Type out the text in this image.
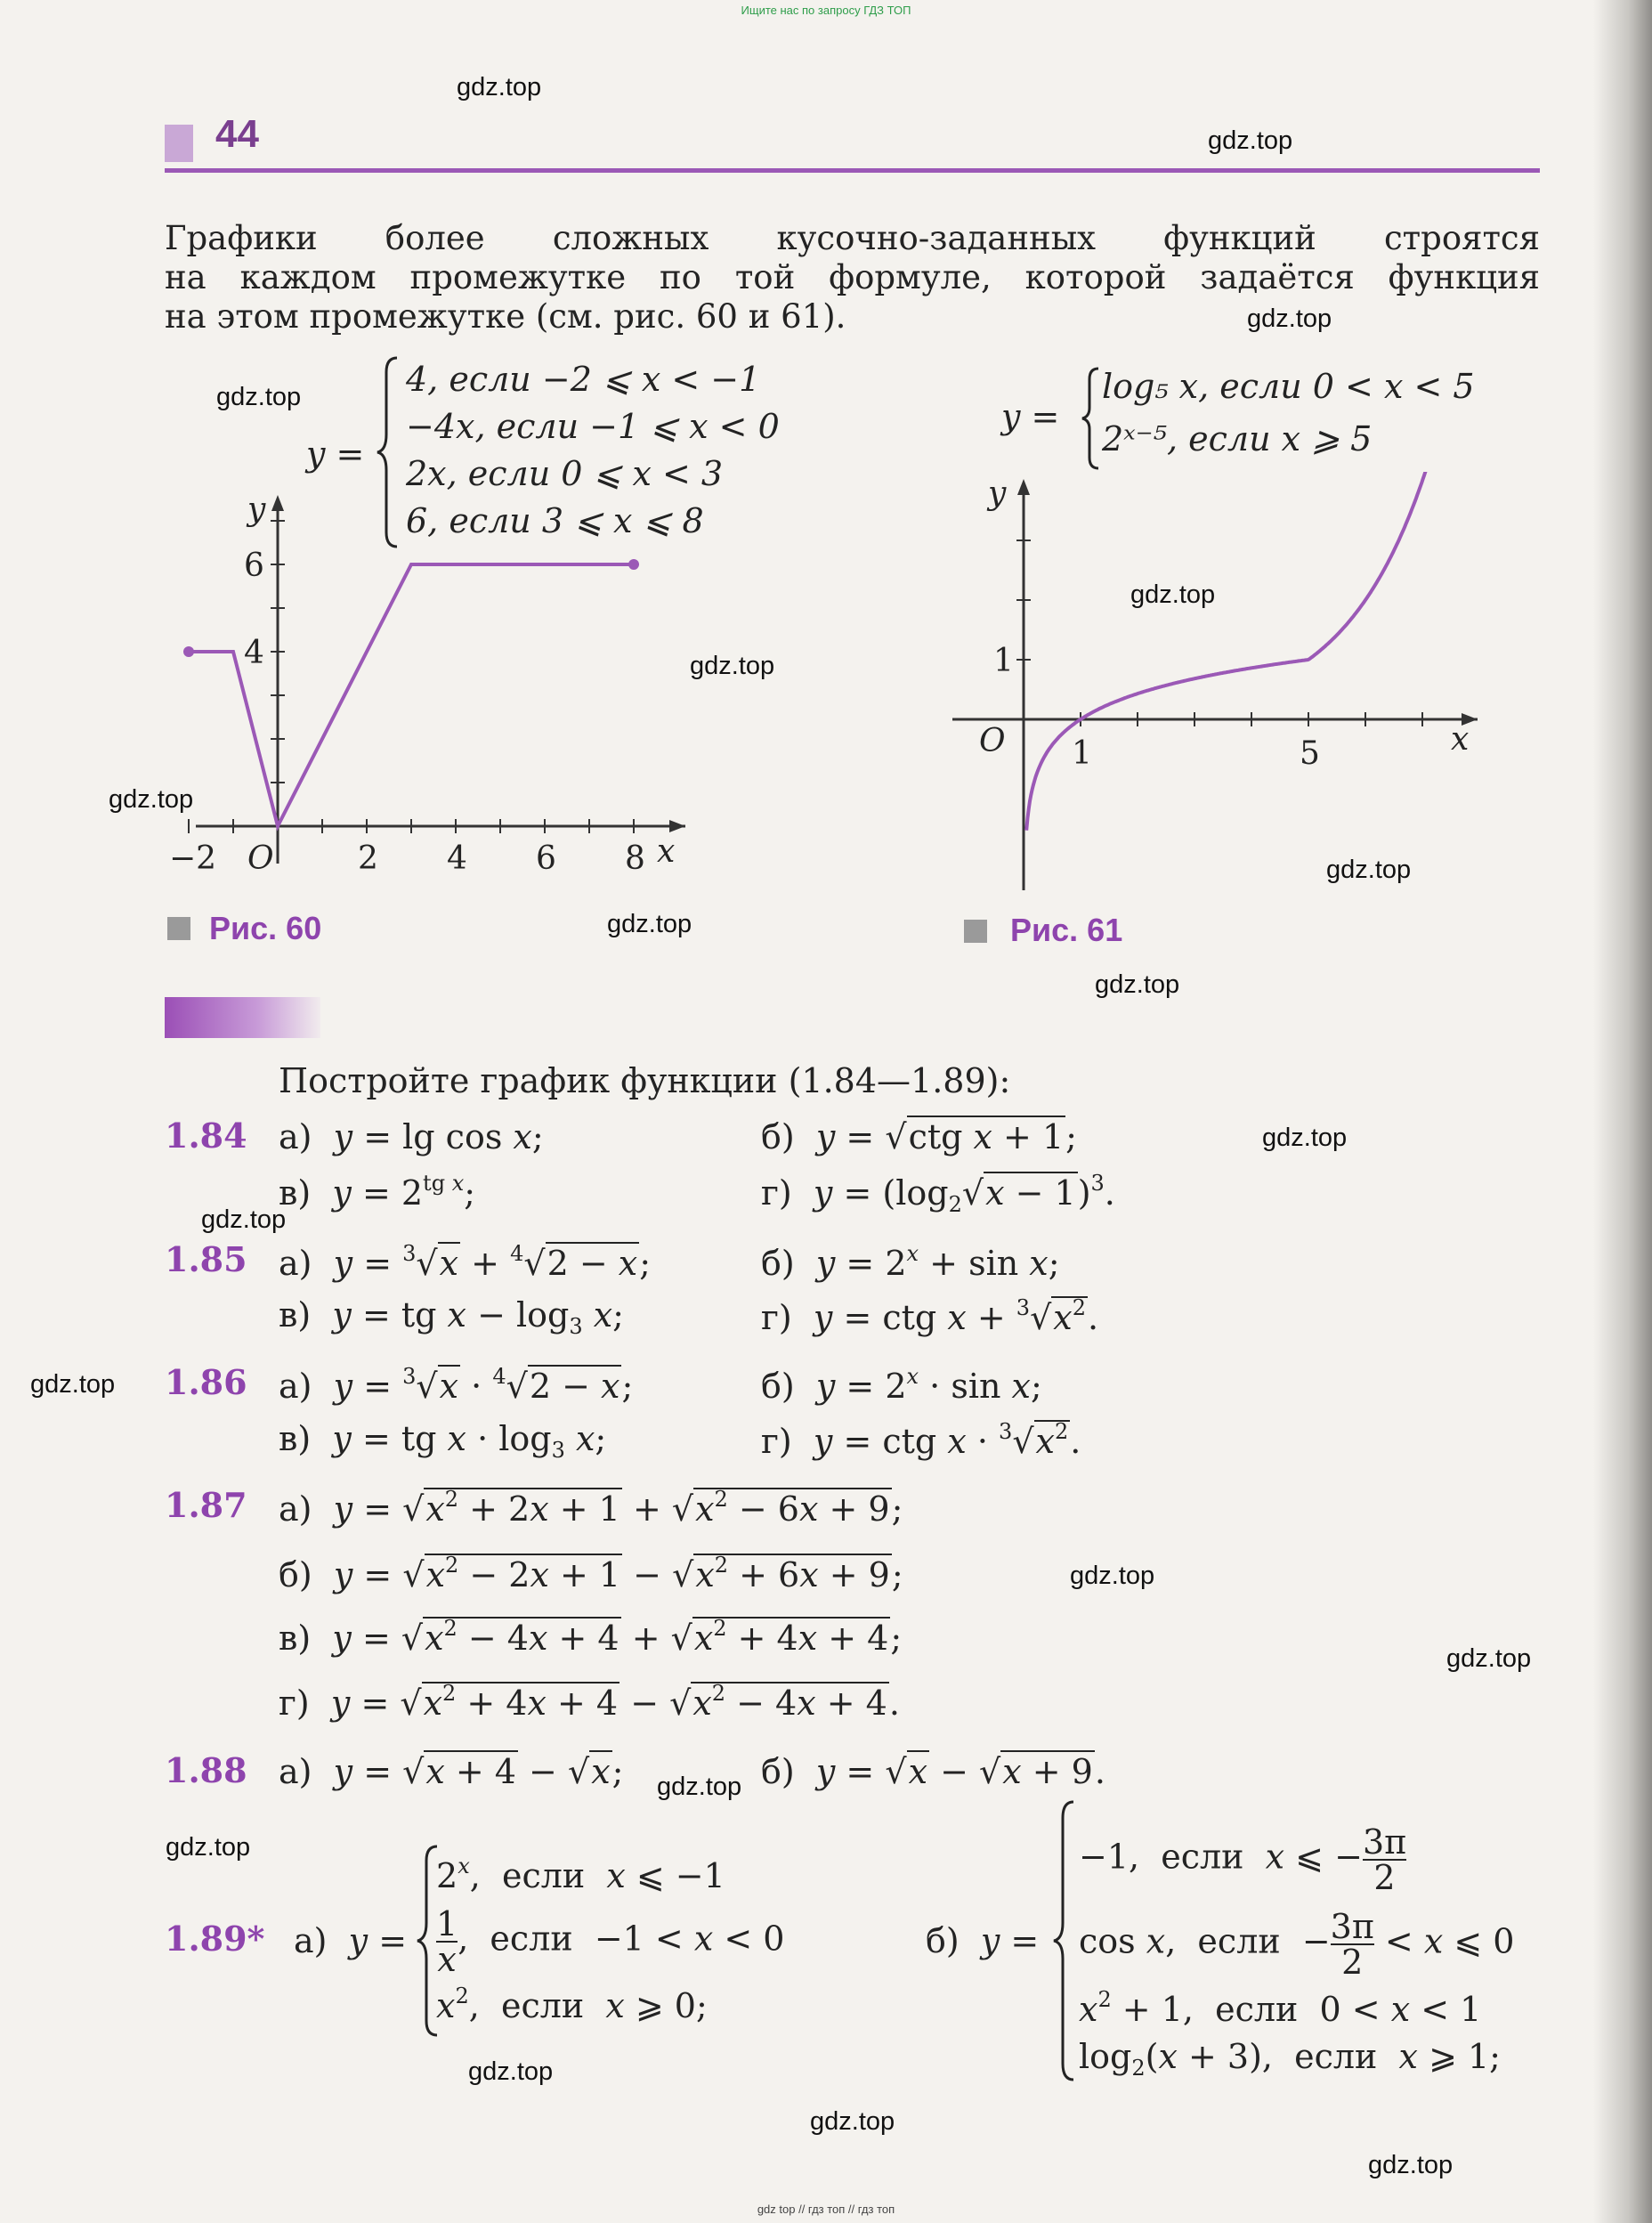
Ищите нас по запросу ГДЗ ТОП
44
Графики более сложных кусочно-заданных функций строятся
на каждом промежутке по той формуле, которой задаётся функция
на этом промежутке (см. рис. 60 и 61).
y =
4, если −2 ⩽ x < −1
−4x, если −1 ⩽ x < 0
2x, если 0 ⩽ x < 3
6, если 3 ⩽ x ⩽ 8
−2	2 4 6 8
4
6
O	x
y
Рис. 60
y =
log₅ x, если 0 < x < 5
2ˣ⁻⁵, если x ⩾ 5
1	5
1
O	x
y
Рис. 61
Постройте график функции (1.84—1.89):
1.84 а) y = lg cos x;	б) y = √ctg x + 1;
в) $y = 2^{tg x}$;	г) $y = (\log_2√x - 1)^3$.
1.85 а) y = $^3$√x + $^4$√2 − x;	б) $y = 2^x + \sin x$;
в) y = tg $x - \log_3 x$;	г) y = ctg $x + ^3√x^2$.
1.86 а) y = $^3$√x · $^4$√2 − x;	б) $y = 2^x \cdot \sin x$;
в) y = tg $x \cdot \log_3 x$;	г) y = ctg $x \cdot ^3√x^2$.
1.87 а) $y = √x^2 + 2x + 1 + √x^2 - 6x + 9$;
б) $y = √x^2 - 2x + 1 - √x^2 + 6x + 9$;
в) $y = √x^2 - 4x + 4 + √x^2 + 4x + 4$;
г) $y = √x^2 + 4x + 4 - √x^2 - 4x + 4$.
1.88 а) y = √x + 4 − √x;	б) y = √x − √x + 9.
1.89* а) y =
$2^x$,  если  x ⩽ −1
$\frac{1}{x}$ ,  если  −1 < x < 0
$x^2$,  если  x ⩾ 0;
б) y =
−1,  если  x ⩽ − $\frac{3\pi}{2}$
cos x,  если  − $\frac{3\pi}{2} < x$ ⩽ 0
$x^2 + 1$,  если  0 < x < 1
$\log_2(x + 3)$,  если  x ⩾ 1;
gdz.top
gdz.top
gdz.top
gdz.top
gdz.top
gdz.top
gdz.top
gdz.top
gdz.top
gdz.top
gdz.top
gdz.top
gdz.top
gdz.top
gdz.top
gdz.top
gdz.top
gdz.top
gdz.top
gdz.top
gdz top // гдз топ // гдз топ
